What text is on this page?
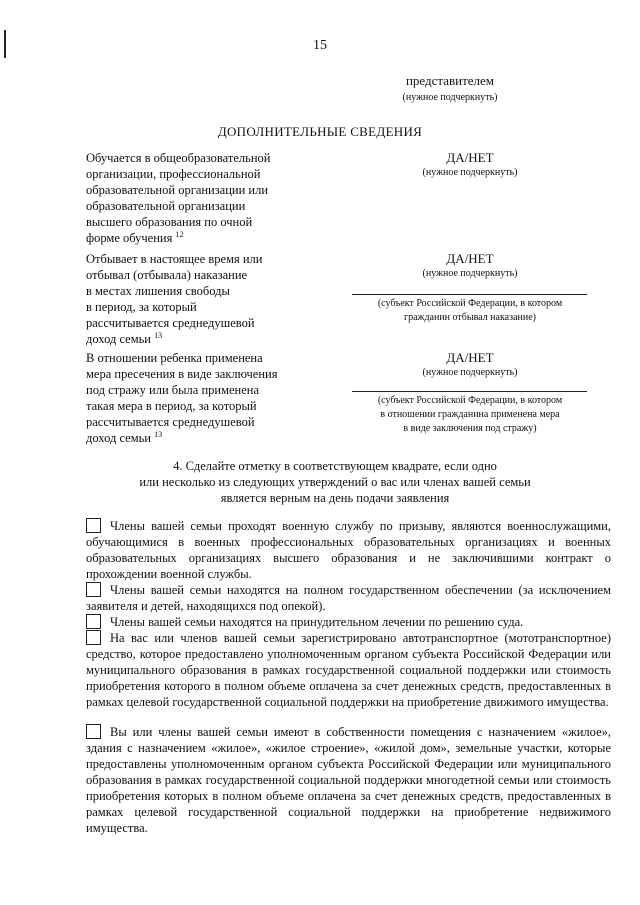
15
представителем
(нужное подчеркнуть)
ДОПОЛНИТЕЛЬНЫЕ СВЕДЕНИЯ
Обучается в общеобразовательной
организации, профессиональной
образовательной организации или
образовательной организации
высшего образования по очной
форме обучения $^{12}$
ДА/НЕТ
(нужное подчеркнуть)
Отбывает в настоящее время или
отбывал (отбывала) наказание
в местах лишения свободы
в период, за который
рассчитывается среднедушевой
доход семьи $^{13}$
ДА/НЕТ
(нужное подчеркнуть)
(субъект Российской Федерации, в котором
гражданин отбывал наказание)
В отношении ребенка применена
мера пресечения в виде заключения
под стражу или была применена
такая мера в период, за который
рассчитывается среднедушевой
доход семьи $^{13}$
ДА/НЕТ
(нужное подчеркнуть)
(субъект Российской Федерации, в котором
в отношении гражданина применена мера
в виде заключения под стражу)
4. Сделайте отметку в соответствующем квадрате, если одно
или несколько из следующих утверждений о вас или членах вашей семьи
является верным на день подачи заявления
Члены вашей семьи проходят военную службу по призыву, являются военнослужащими, обучающимися в военных профессиональных образовательных организациях и военных образовательных организациях высшего образования и не заключившими контракт о прохождении военной службы.
Члены вашей семьи находятся на полном государственном обеспечении (за исключением заявителя и детей, находящихся под опекой).
Члены вашей семьи находятся на принудительном лечении по решению суда.
На вас или членов вашей семьи зарегистрировано автотранспортное (мототранспортное) средство, которое предоставлено уполномоченным органом субъекта Российской Федерации или муниципального образования в рамках государственной социальной поддержки или стоимость приобретения которого в полном объеме оплачена за счет денежных средств, предоставленных в рамках целевой государственной социальной поддержки на приобретение движимого имущества.
Вы или члены вашей семьи имеют в собственности помещения с назначением «жилое», здания с назначением «жилое», «жилое строение», «жилой дом», земельные участки, которые предоставлены уполномоченным органом субъекта Российской Федерации или муниципального образования в рамках государственной социальной поддержки многодетной семьи или стоимость приобретения которых в полном объеме оплачена за счет денежных средств, предоставленных в рамках целевой государственной социальной поддержки на приобретение недвижимого имущества.
